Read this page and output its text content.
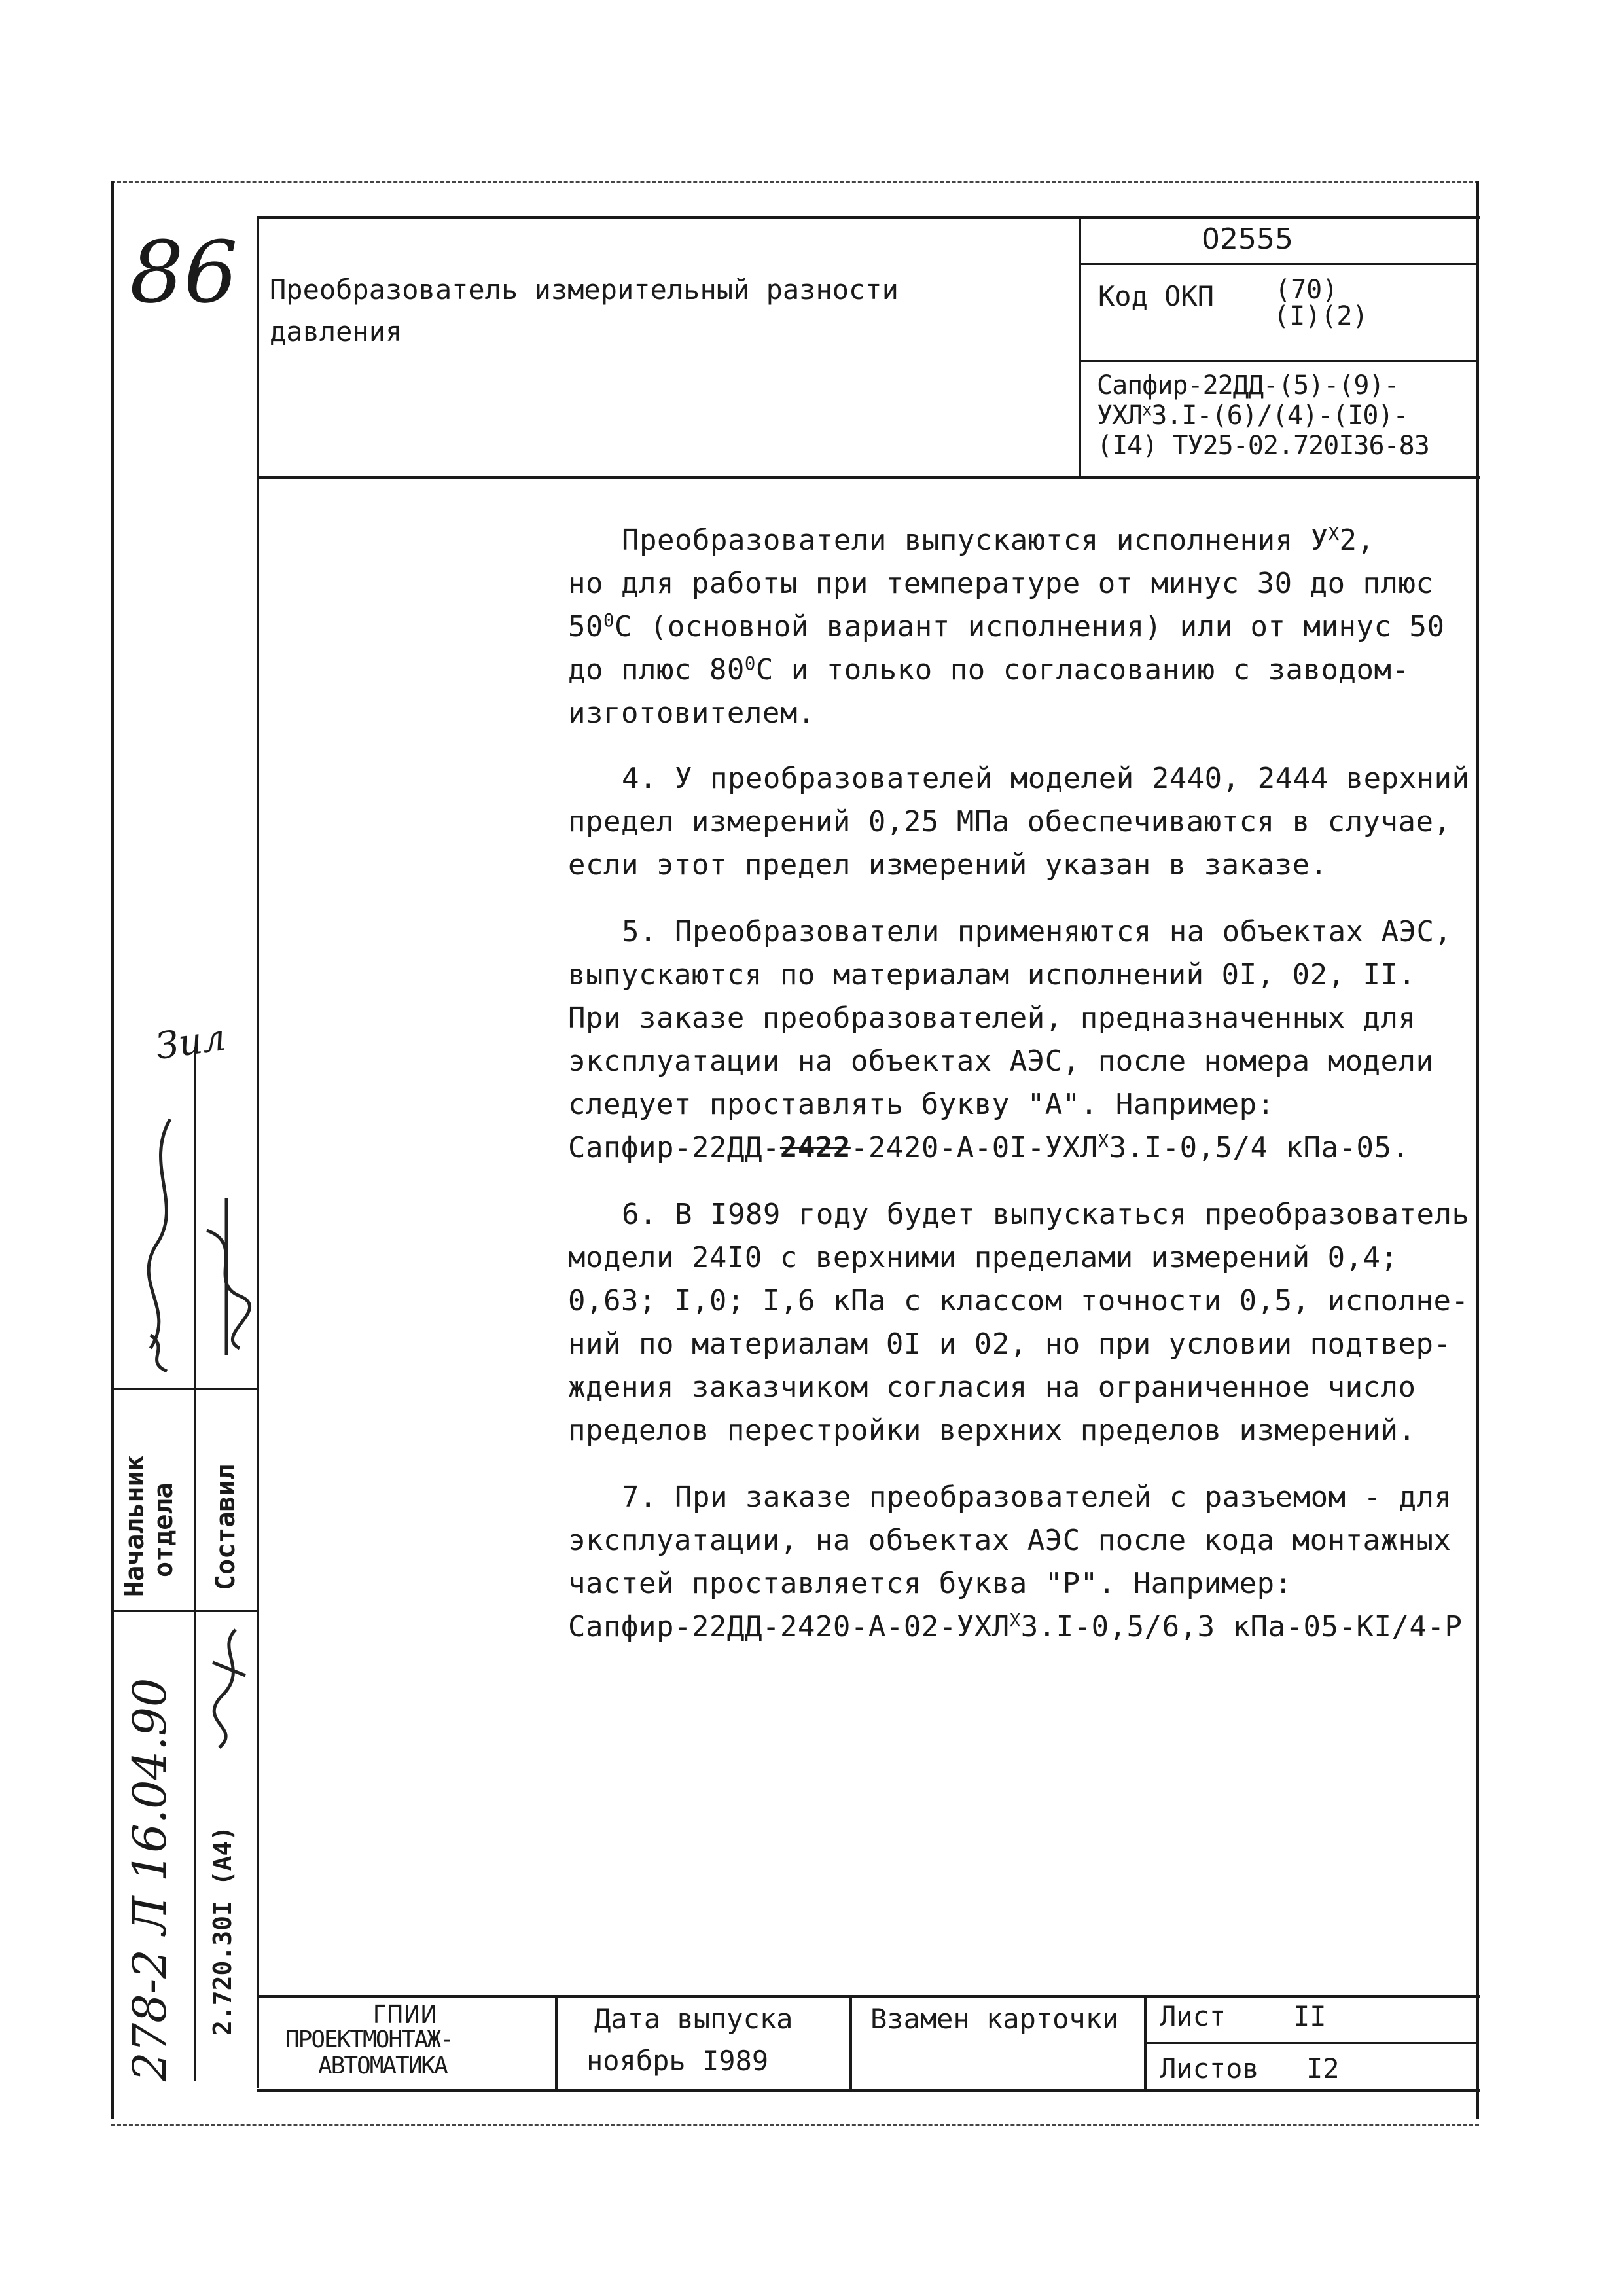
86 Преобразователь измерительный разности
давления
02555
Код ОКП (70)
(I)(2)
Сапфир-22ДД-(5)-(9)-
$УХЛ^х3.I-(6)/(4)-(I0)-$
(I4) ТУ25-02.720I36-83
Преобразователи выпускаются исполнения $У^Х2$,
но для работы при температуре от минус 30 до плюс
$50^0С$ (основной вариант исполнения) или от минус 50
до плюс $80^0С$ и только по согласованию с заводом-
изготовителем.
4. У преобразователей моделей 2440, 2444 верхний
предел измерений 0,25 МПа обеспечиваются в случае,
если этот предел измерений указан в заказе.
5. Преобразователи применяются на объектах АЭС,
выпускаются по материалам исполнений 0I, 02, II.
При заказе преобразователей, предназначенных для
эксплуатации на объектах АЭС, после номера модели
следует проставлять букву "А". Например:
Сапфир-$22ДД-2422-2420-А-0I-УХЛ^Х3.I-0,5/4$ кПа-05.
6. В I989 году будет выпускаться преобразователь
модели 24I0 с верхними пределами измерений 0,4;
0,63; I,0; I,6 кПа с классом точности 0,5, исполне-
ний по материалам 0I и 02, но при условии подтвер-
ждения заказчиком согласия на ограниченное число
пределов перестройки верхних пределов измерений.
7. При заказе преобразователей с разъемом - для
эксплуатации, на объектах АЭС после кода монтажных
частей проставляется буква "Р". Например:
Сапфир-$22ДД-2420-А-02-УХЛ^Х3.I-0,5/6,3$ кПа-05-КI/4-Р
Зил
Начальник
отдела Составил
278-2 Л 16.04.90 2.720.30I (А4)	ГПИИ
ПРОЕКТМОНТАЖ-
АВТОМАТИКА
Дата выпуска
ноябрь I989
Взамен карточки Лист II
Листов I2
